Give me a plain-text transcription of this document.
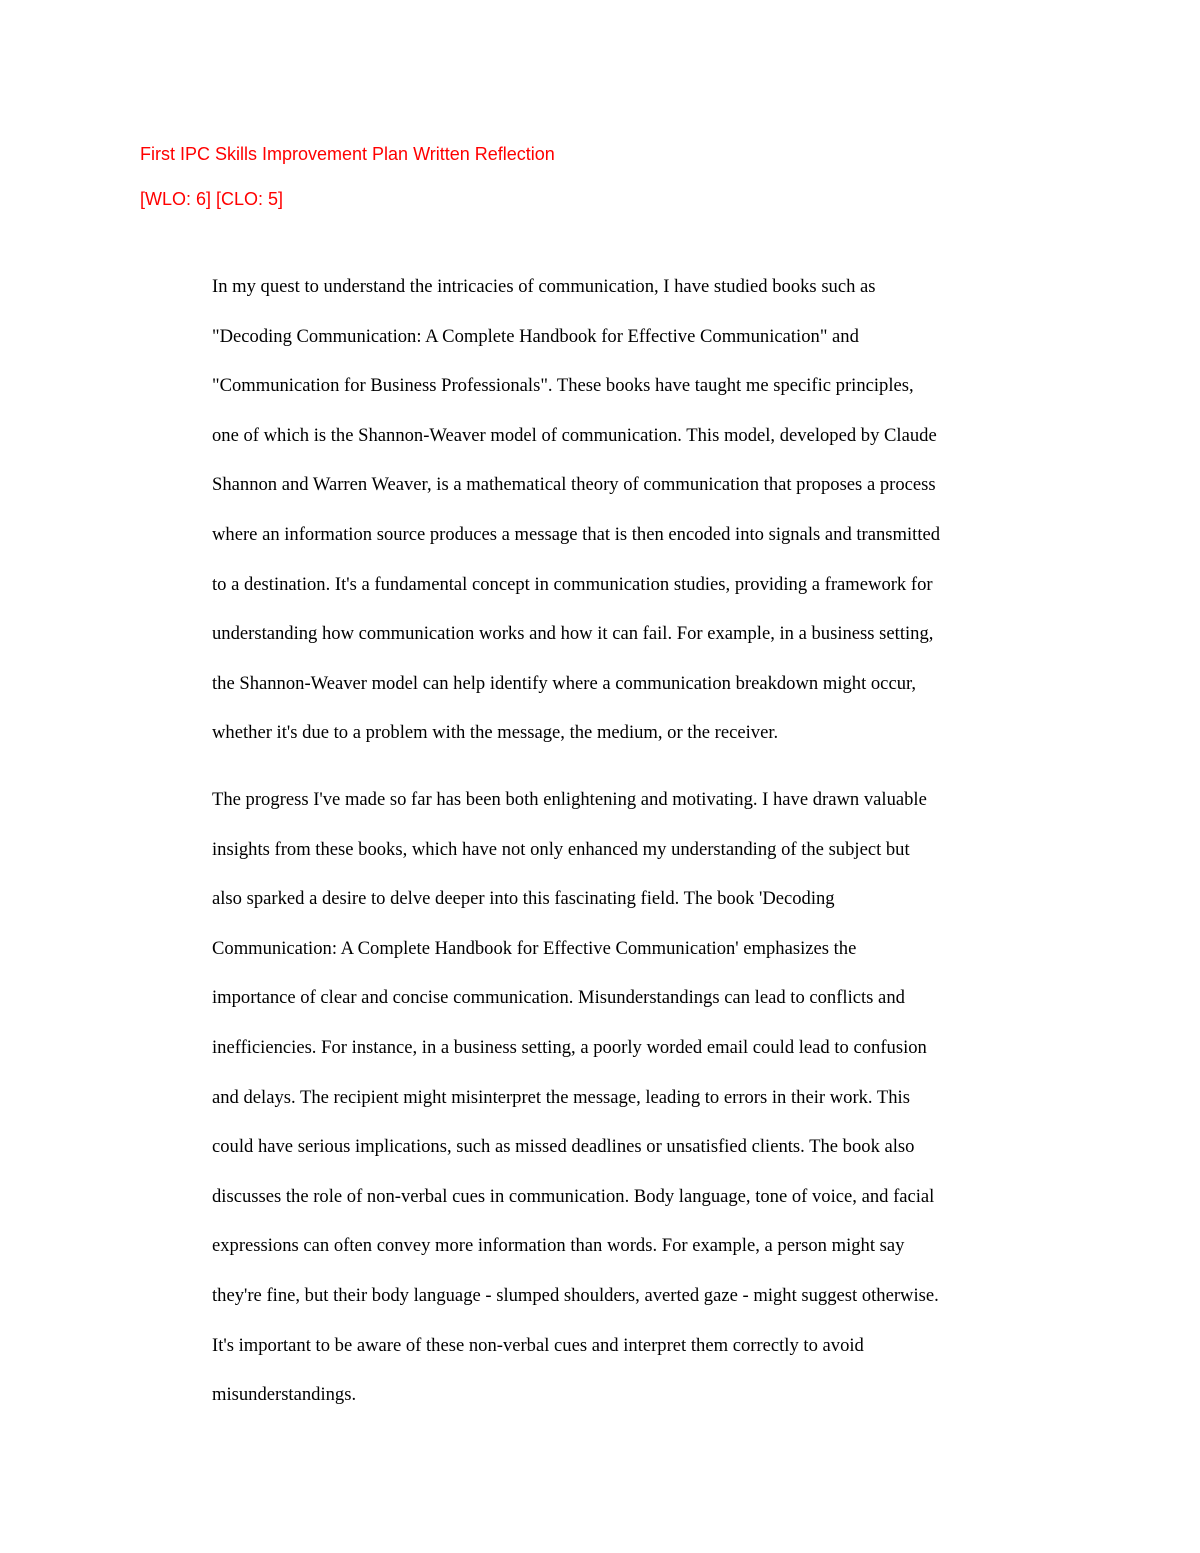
First IPC Skills Improvement Plan Written Reflection
[WLO: 6] [CLO: 5]
In my quest to understand the intricacies of communication, I have studied books such as
"Decoding Communication: A Complete Handbook for Effective Communication" and
"Communication for Business Professionals". These books have taught me specific principles,
one of which is the Shannon-Weaver model of communication. This model, developed by Claude
Shannon and Warren Weaver, is a mathematical theory of communication that proposes a process
where an information source produces a message that is then encoded into signals and transmitted
to a destination. It's a fundamental concept in communication studies, providing a framework for
understanding how communication works and how it can fail. For example, in a business setting,
the Shannon-Weaver model can help identify where a communication breakdown might occur,
whether it's due to a problem with the message, the medium, or the receiver.
The progress I've made so far has been both enlightening and motivating. I have drawn valuable
insights from these books, which have not only enhanced my understanding of the subject but
also sparked a desire to delve deeper into this fascinating field. The book 'Decoding
Communication: A Complete Handbook for Effective Communication' emphasizes the
importance of clear and concise communication. Misunderstandings can lead to conflicts and
inefficiencies. For instance, in a business setting, a poorly worded email could lead to confusion
and delays. The recipient might misinterpret the message, leading to errors in their work. This
could have serious implications, such as missed deadlines or unsatisfied clients. The book also
discusses the role of non-verbal cues in communication. Body language, tone of voice, and facial
expressions can often convey more information than words. For example, a person might say
they're fine, but their body language - slumped shoulders, averted gaze - might suggest otherwise.
It's important to be aware of these non-verbal cues and interpret them correctly to avoid
misunderstandings.
